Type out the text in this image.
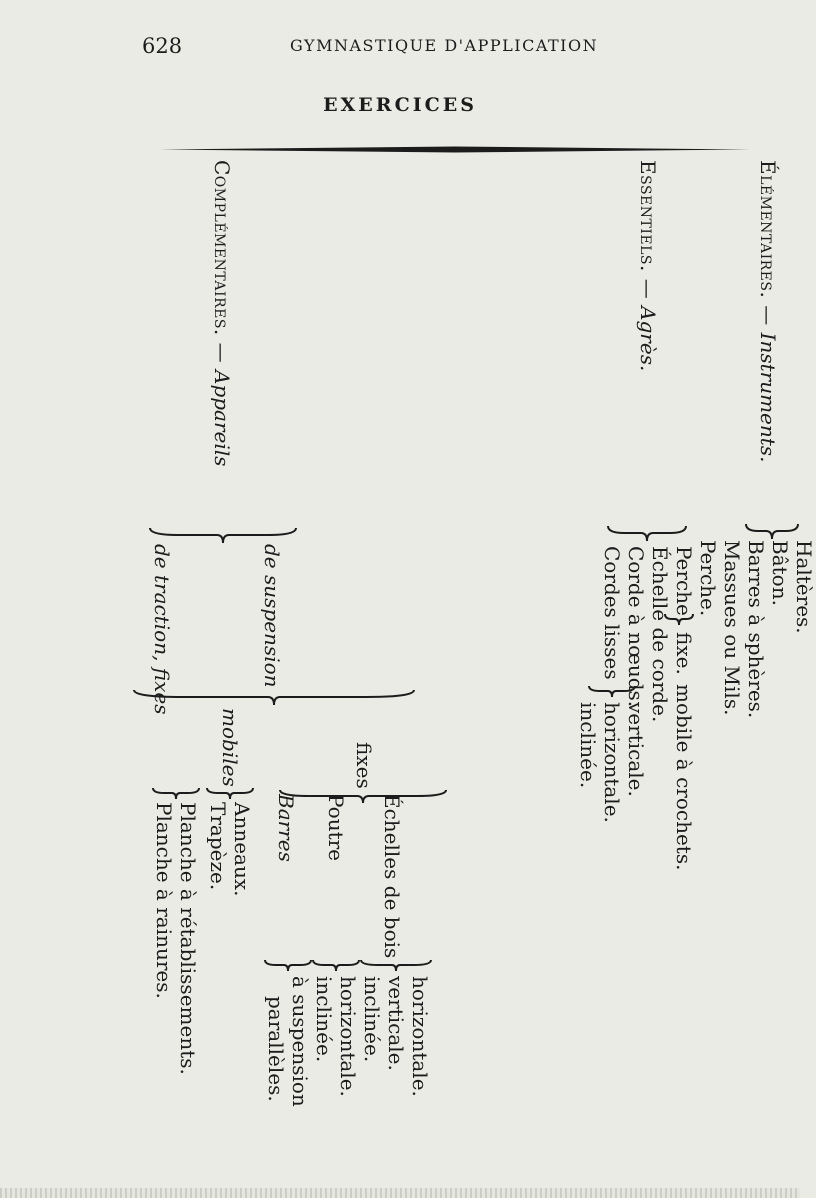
628	GYMNASTIQUE D'APPLICATION
EXERCICES
Élémentaires. — Instruments.
Haltères.
Bâton.
Barres à sphères.
Massues ou Mils.
Perche.
Essentiels. — Agrès.
Perche
fixe.
mobile à crochets.
Échelle de corde.
Corde à nœuds.
Cordes lisses
verticale.
horizontale.
inclinée.
Complémentaires. — Appareils
de suspension
fixes
Échelles de bois
horizontale.
verticale.
inclinée.
Poutre
horizontale.
inclinée.
Barres
à suspension
parallèles.
mobiles
Anneaux.
Trapèze.
de traction, fixes
Planche à rétablissements.
Planche à rainures.
